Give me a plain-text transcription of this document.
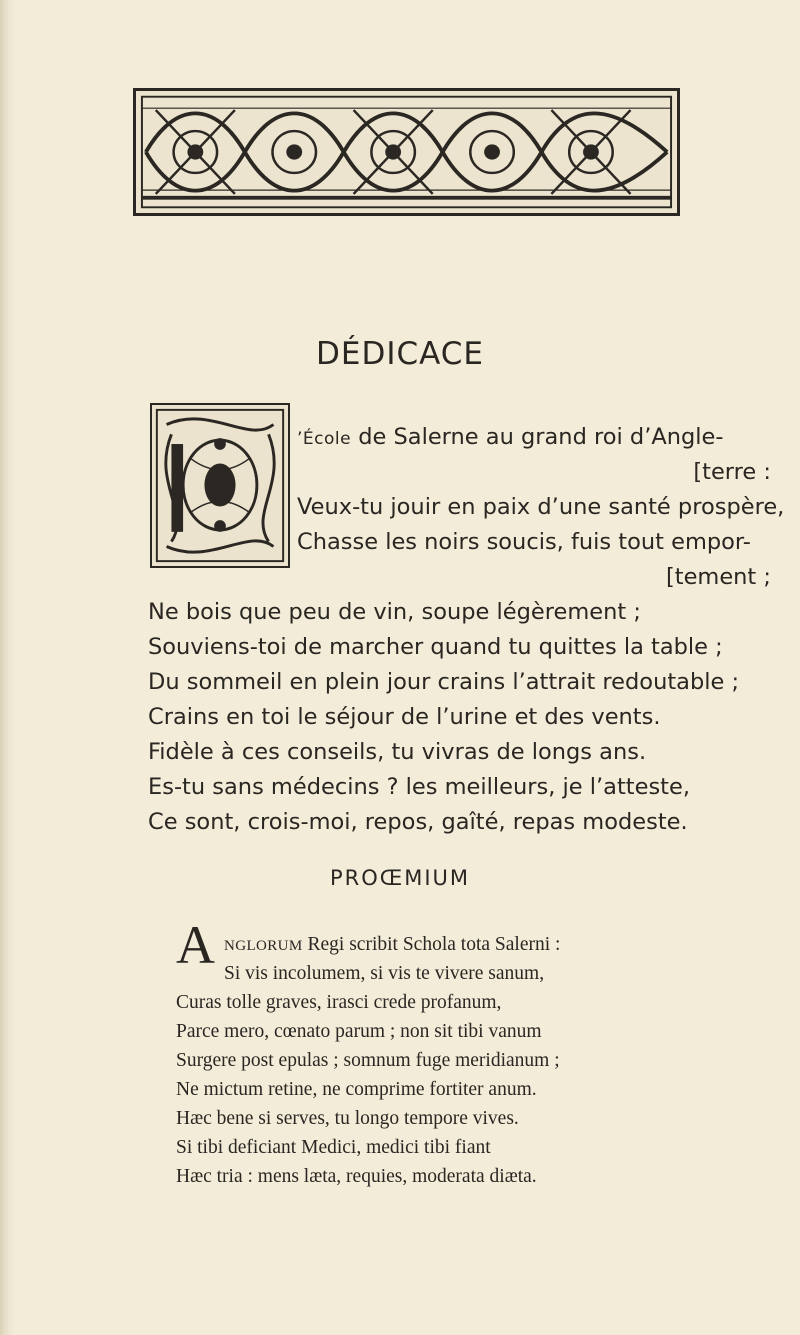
DÉDICACE
’École de Salerne au grand roi d’Angle-
[terre :
Veux-tu jouir en paix d’une santé prospère,
Chasse les noirs soucis, fuis tout empor-
[tement ;
Ne bois que peu de vin, soupe légèrement ;
Souviens-toi de marcher quand tu quittes la table ;
Du sommeil en plein jour crains l’attrait redoutable ;
Crains en toi le séjour de l’urine et des vents.
Fidèle à ces conseils, tu vivras de longs ans.
Es-tu sans médecins ? les meilleurs, je l’atteste,
Ce sont, crois-moi, repos, gaîté, repas modeste.
PROŒMIUM
A NGLORUM Regi scribit Schola tota Salerni :
Si vis incolumem, si vis te vivere sanum,
Curas tolle graves, irasci crede profanum,
Parce mero, cœnato parum ; non sit tibi vanum
Surgere post epulas ; somnum fuge meridianum ;
Ne mictum retine, ne comprime fortiter anum.
Hæc bene si serves, tu longo tempore vives.
Si tibi deficiant Medici, medici tibi fiant
Hæc tria : mens læta, requies, moderata diæta.
